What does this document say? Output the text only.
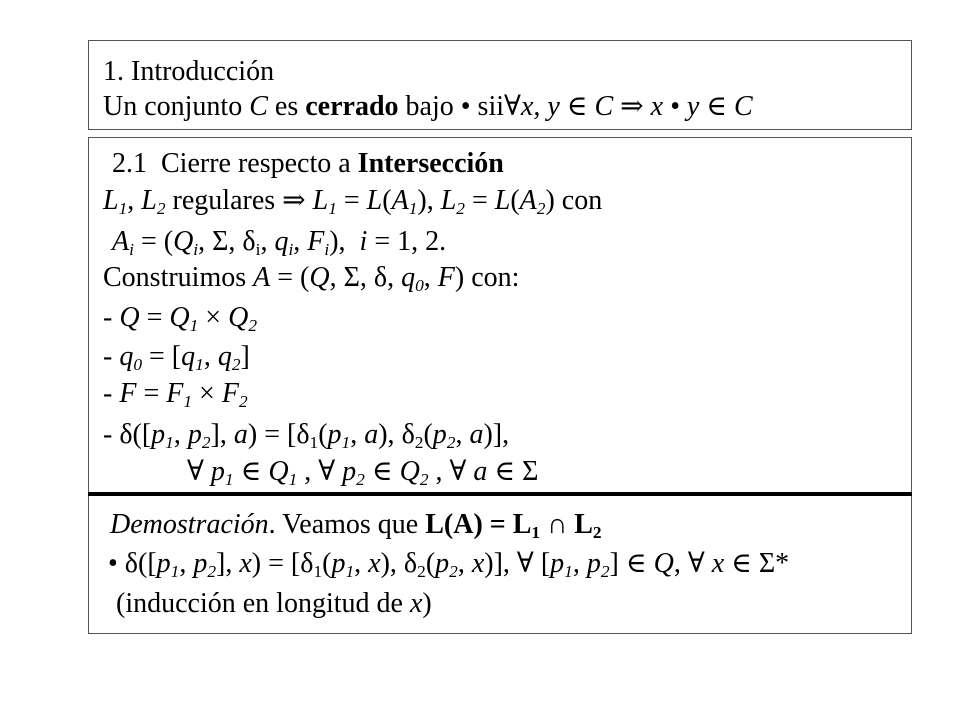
1. Introducción
Un conjunto C es cerrado bajo • sii∀x, y ∈ C ⇒ x • y ∈ C
2.1  Cierre respecto a Intersección
$L_1$, $L_2$ regulares ⇒ $L_1 = L(A_1)$, $L_2 = L(A_2)$ con
$A_i = (Q_i$, Σ, $\delta_i$, $q_i$, $F_i$),  i = 1, 2.
Construimos A = (Q, Σ, δ, $q_0$, F) con:
- $Q = Q_1 \times Q_2$
- $q_0 = [q_1$, $q_2$]
- $F = F_1 \times F_2$
- $\delta([p_1$, $p_2$], $a) = [\delta_1(p_1$, a), $\delta_2(p_2$, a)],
∀ $p_1$ ∈ $Q_1$ , ∀ $p_2$ ∈ $Q_2$ , ∀ a ∈ Σ
Demostración. Veamos que $L(A) = L_1$ ∩ $L_2$
• $\delta([p_1$, $p_2$], $x) = [\delta_1(p_1$, x), $\delta_2(p_2$, x)], ∀ [$p_1$, $p_2$] ∈ Q, ∀ x ∈ Σ*
(inducción en longitud de x)
